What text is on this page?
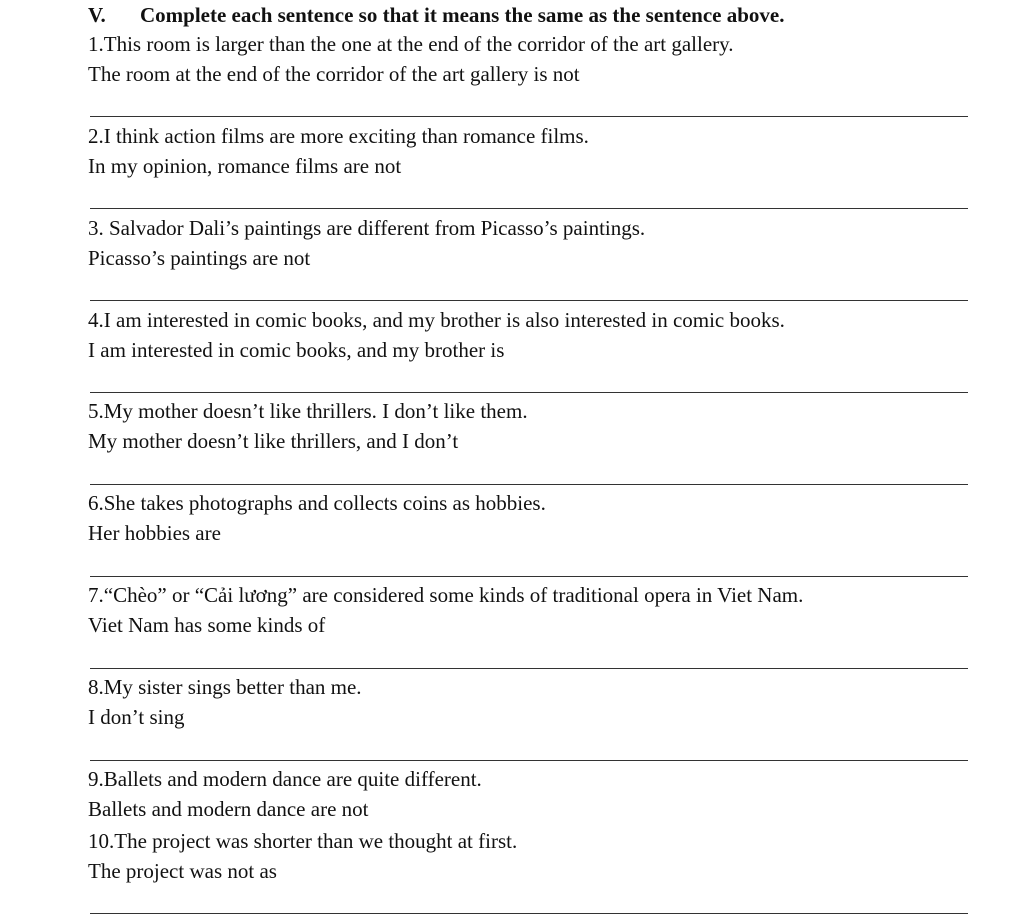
V. Complete each sentence so that it means the same as the sentence above.
1.This room is larger than the one at the end of the corridor of the art gallery.
The room at the end of the corridor of the art gallery is not
2.I think action films are more exciting than romance films.
In my opinion, romance films are not
3. Salvador Dali’s paintings are different from Picasso’s paintings.
Picasso’s paintings are not
4.I am interested in comic books, and my brother is also interested in comic books.
I am interested in comic books, and my brother is
5.My mother doesn’t like thrillers. I don’t like them.
My mother doesn’t like thrillers, and I don’t
6.She takes photographs and collects coins as hobbies.
Her hobbies are
7.“Chèo” or “Cải lương” are considered some kinds of traditional opera in Viet Nam.
Viet Nam has some kinds of
8.My sister sings better than me.
I don’t sing
9.Ballets and modern dance are quite different.
Ballets and modern dance are not
10.The project was shorter than we thought at first.
The project was not as
